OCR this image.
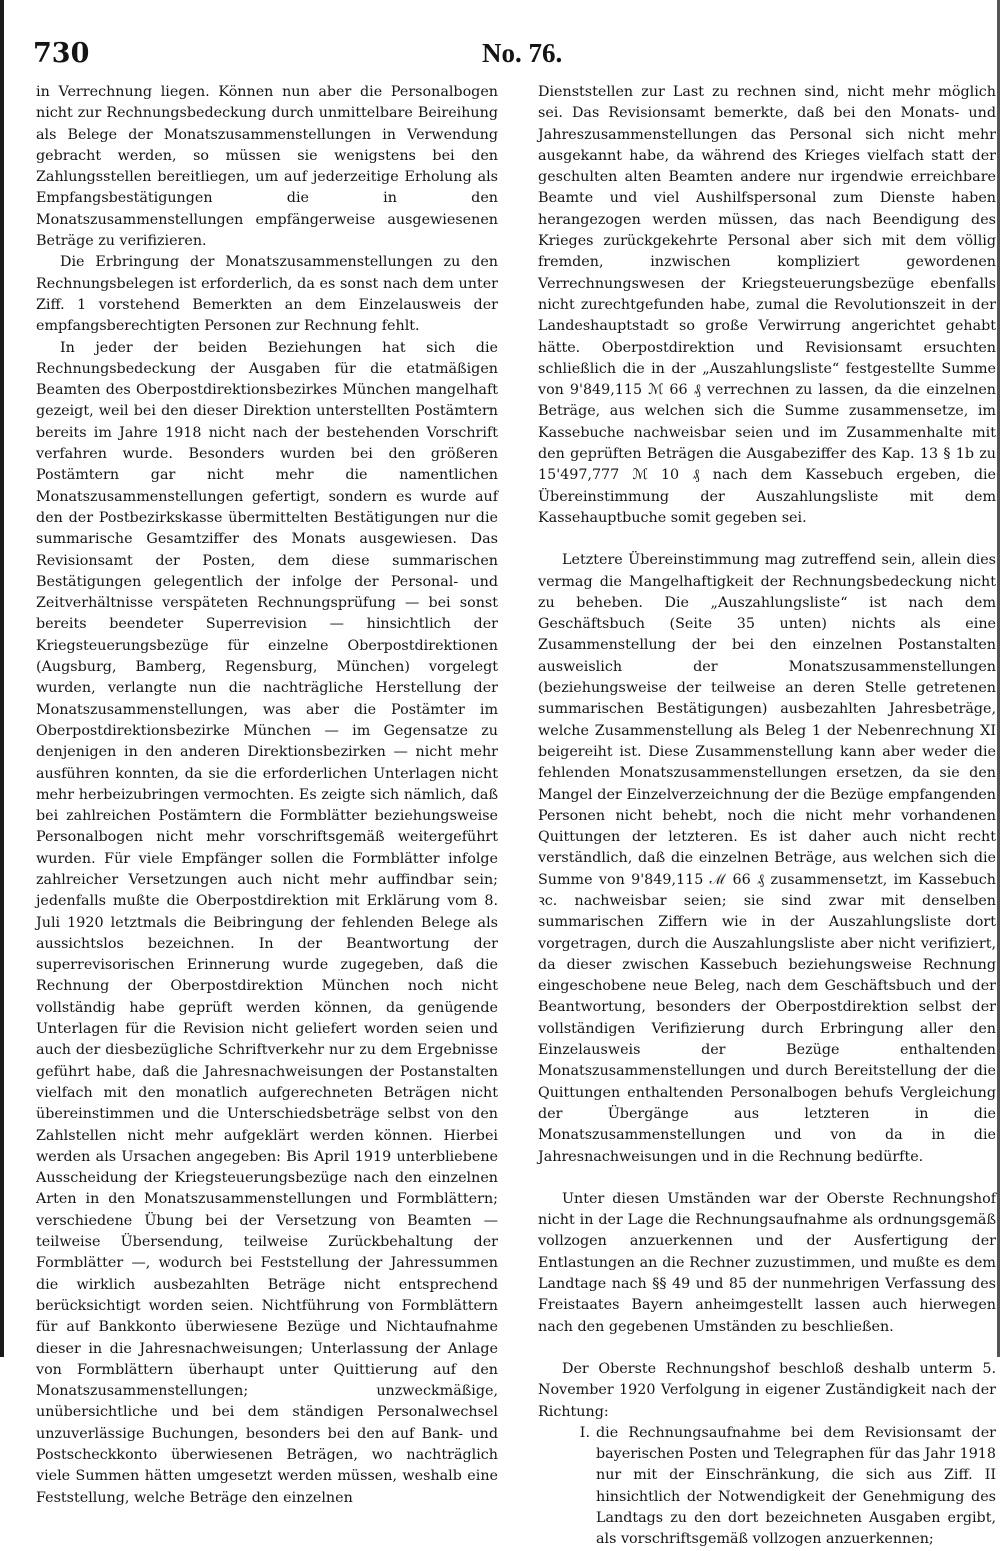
730	No. 76.

in Verrechnung liegen. Können nun aber die Personalbogen nicht zur Rechnungsbedeckung durch unmittelbare Beireihung als Belege der Monatszusammenstellungen in Verwendung gebracht werden, so müssen sie wenigstens bei den Zahlungsstellen bereitliegen, um auf jederzeitige Erholung als Empfangsbestätigungen die in den Monatszusammenstellungen empfängerweise ausgewiesenen Beträge zu verifizieren.

Die Erbringung der Monatszusammenstellungen zu den Rechnungsbelegen ist erforderlich, da es sonst nach dem unter Ziff. 1 vorstehend Bemerkten an dem Einzelausweis der empfangsberechtigten Personen zur Rechnung fehlt.

In jeder der beiden Beziehungen hat sich die Rechnungsbedeckung der Ausgaben für die etatmäßigen Beamten des Oberpostdirektionsbezirkes München mangelhaft gezeigt, weil bei den dieser Direktion unterstellten Postämtern bereits im Jahre 1918 nicht nach der bestehenden Vorschrift verfahren wurde. Besonders wurden bei den größeren Postämtern gar nicht mehr die namentlichen Monatszusammenstellungen gefertigt, sondern es wurde auf den der Postbezirkskasse übermittelten Bestätigungen nur die summarische Gesamtziffer des Monats ausgewiesen. Das Revisionsamt der Posten, dem diese summarischen Bestätigungen gelegentlich der infolge der Personal- und Zeitverhältnisse verspäteten Rechnungsprüfung — bei sonst bereits beendeter Superrevision — hinsichtlich der Kriegsteuerungsbezüge für einzelne Oberpostdirektionen (Augsburg, Bamberg, Regensburg, München) vorgelegt wurden, verlangte nun die nachträgliche Herstellung der Monatszusammenstellungen, was aber die Postämter im Oberpostdirektionsbezirke München — im Gegensatze zu denjenigen in den anderen Direktionsbezirken — nicht mehr ausführen konnten, da sie die erforderlichen Unterlagen nicht mehr herbeizubringen vermochten. Es zeigte sich nämlich, daß bei zahlreichen Postämtern die Formblätter beziehungsweise Personalbogen nicht mehr vorschriftsgemäß weitergeführt wurden. Für viele Empfänger sollen die Formblätter infolge zahlreicher Versetzungen auch nicht mehr auffindbar sein; jedenfalls mußte die Oberpostdirektion mit Erklärung vom 8. Juli 1920 letztmals die Beibringung der fehlenden Belege als aussichtslos bezeichnen. In der Beantwortung der superrevisorischen Erinnerung wurde zugegeben, daß die Rechnung der Oberpostdirektion München noch nicht vollständig habe geprüft werden können, da genügende Unterlagen für die Revision nicht geliefert worden seien und auch der diesbezügliche Schriftverkehr nur zu dem Ergebnisse geführt habe, daß die Jahresnachweisungen der Postanstalten vielfach mit den monatlich aufgerechneten Beträgen nicht übereinstimmen und die Unterschiedsbeträge selbst von den Zahlstellen nicht mehr aufgeklärt werden können. Hierbei werden als Ursachen angegeben: Bis April 1919 unterbliebene Ausscheidung der Kriegsteuerungsbezüge nach den einzelnen Arten in den Monatszusammenstellungen und Formblättern; verschiedene Übung bei der Versetzung von Beamten — teilweise Übersendung, teilweise Zurückbehaltung der Formblätter —, wodurch bei Feststellung der Jahressummen die wirklich ausbezahlten Beträge nicht entsprechend berücksichtigt worden seien. Nichtführung von Formblättern für auf Bankkonto überwiesene Bezüge und Nichtaufnahme dieser in die Jahresnachweisungen; Unterlassung der Anlage von Formblättern überhaupt unter Quittierung auf den Monatszusammenstellungen; unzweckmäßige, unübersichtliche und bei dem ständigen Personalwechsel unzuverlässige Buchungen, besonders bei den auf Bank- und Postscheckkonto überwiesenen Beträgen, wo nachträglich viele Summen hätten umgesetzt werden müssen, weshalb eine Feststellung, welche Beträge den einzelnen

Dienststellen zur Last zu rechnen sind, nicht mehr möglich sei. Das Revisionsamt bemerkte, daß bei den Monats- und Jahreszusammenstellungen das Personal sich nicht mehr ausgekannt habe, da während des Krieges vielfach statt der geschulten alten Beamten andere nur irgendwie erreichbare Beamte und viel Aushilfspersonal zum Dienste haben herangezogen werden müssen, das nach Beendigung des Krieges zurückgekehrte Personal aber sich mit dem völlig fremden, inzwischen kompliziert gewordenen Verrechnungswesen der Kriegsteuerungsbezüge ebenfalls nicht zurechtgefunden habe, zumal die Revolutionszeit in der Landeshauptstadt so große Verwirrung angerichtet gehabt hätte. Oberpostdirektion und Revisionsamt ersuchten schließlich die in der „Auszahlungsliste“ festgestellte Summe von 9'849,115 ℳ 66 ₰ verrechnen zu lassen, da die einzelnen Beträge, aus welchen sich die Summe zusammensetze, im Kassebuche nachweisbar seien und im Zusammenhalte mit den geprüften Beträgen die Ausgabeziffer des Kap. 13 § 1b zu 15'497,777 ℳ 10 ₰ nach dem Kassebuch ergeben, die Übereinstimmung der Auszahlungsliste mit dem Kassehauptbuche somit gegeben sei.

Letztere Übereinstimmung mag zutreffend sein, allein dies vermag die Mangelhaftigkeit der Rechnungsbedeckung nicht zu beheben. Die „Auszahlungsliste“ ist nach dem Geschäftsbuch (Seite 35 unten) nichts als eine Zusammenstellung der bei den einzelnen Postanstalten ausweislich der Monatszusammenstellungen (beziehungsweise der teilweise an deren Stelle getretenen summarischen Bestätigungen) ausbezahlten Jahresbeträge, welche Zusammenstellung als Beleg 1 der Nebenrechnung XI beigereiht ist. Diese Zusammenstellung kann aber weder die fehlenden Monatszusammenstellungen ersetzen, da sie den Mangel der Einzelverzeichnung der die Bezüge empfangenden Personen nicht behebt, noch die nicht mehr vorhandenen Quittungen der letzteren. Es ist daher auch nicht recht verständlich, daß die einzelnen Beträge, aus welchen sich die Summe von 9'849,115 ℳ 66 ₰ zusammensetzt, im Kassebuch ꝛc. nachweisbar seien; sie sind zwar mit denselben summarischen Ziffern wie in der Auszahlungsliste dort vorgetragen, durch die Auszahlungsliste aber nicht verifiziert, da dieser zwischen Kassebuch beziehungsweise Rechnung eingeschobene neue Beleg, nach dem Geschäftsbuch und der Beantwortung, besonders der Oberpostdirektion selbst der vollständigen Verifizierung durch Erbringung aller den Einzelausweis der Bezüge enthaltenden Monatszusammenstellungen und durch Bereitstellung der die Quittungen enthaltenden Personalbogen behufs Vergleichung der Übergänge aus letzteren in die Monatszusammenstellungen und von da in die Jahresnachweisungen und in die Rechnung bedürfte.

Unter diesen Umständen war der Oberste Rechnungshof nicht in der Lage die Rechnungsaufnahme als ordnungsgemäß vollzogen anzuerkennen und der Ausfertigung der Entlastungen an die Rechner zuzustimmen, und mußte es dem Landtage nach §§ 49 und 85 der nunmehrigen Verfassung des Freistaates Bayern anheimgestellt lassen auch hierwegen nach den gegebenen Umständen zu beschließen.

Der Oberste Rechnungshof beschloß deshalb unterm 5. November 1920 Verfolgung in eigener Zuständigkeit nach der Richtung:

I. die Rechnungsaufnahme bei dem Revisionsamt der bayerischen Posten und Telegraphen für das Jahr 1918 nur mit der Einschränkung, die sich aus Ziff. II hinsichtlich der Notwendigkeit der Genehmigung des Landtags zu den dort bezeichneten Ausgaben ergibt, als vorschriftsgemäß vollzogen anzuerkennen;
